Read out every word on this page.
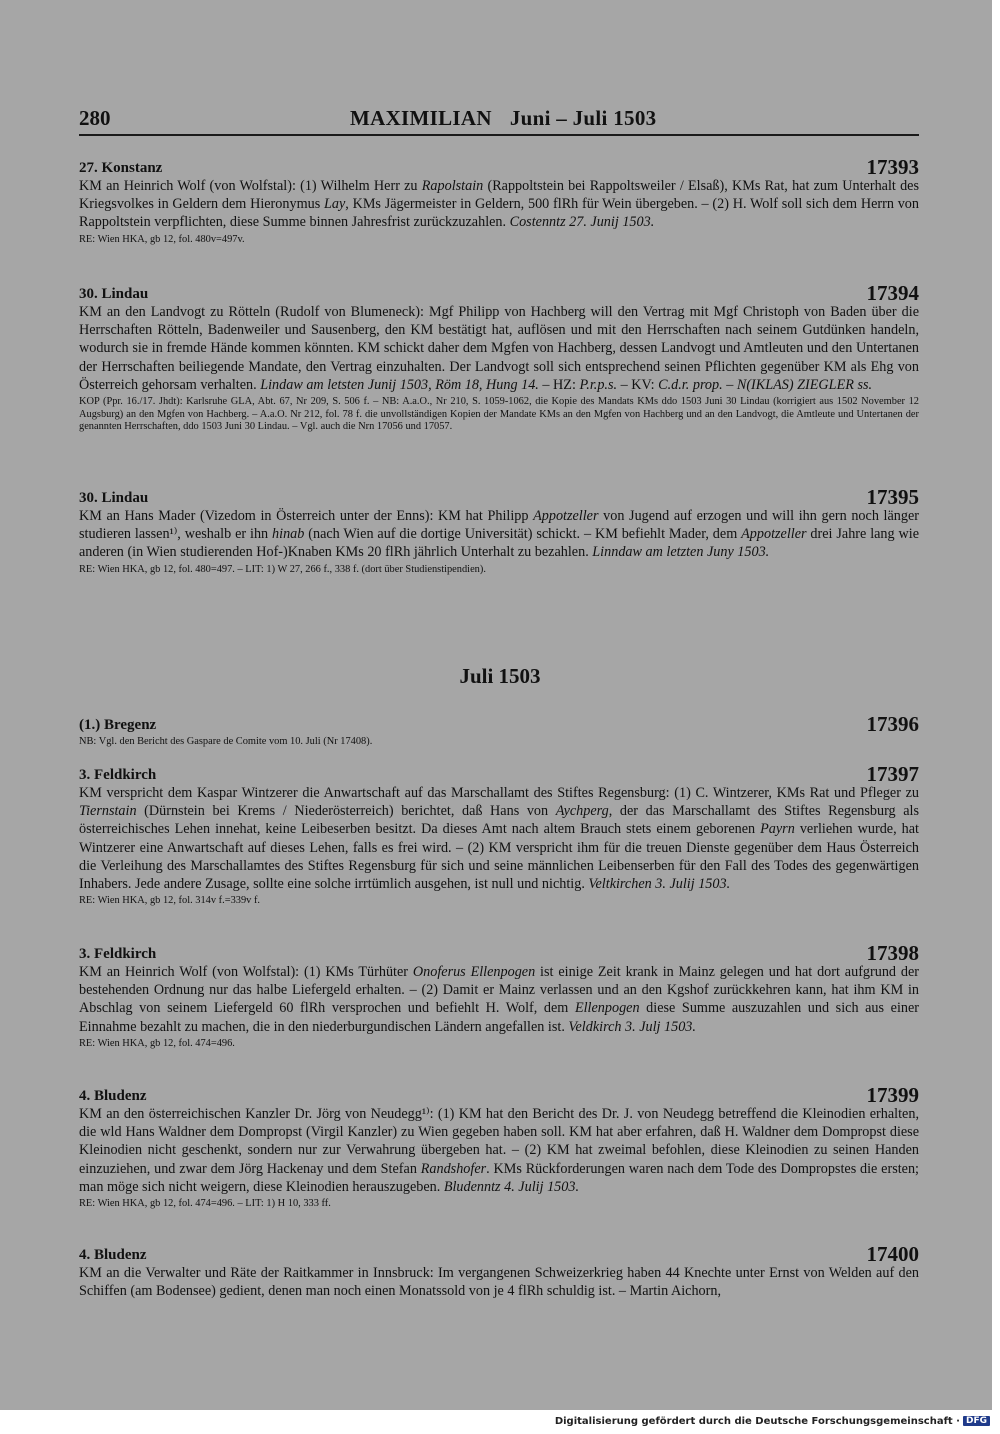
280	MAXIMILIAN Juni – Juli 1503
27. Konstanz	17393

KM an Heinrich Wolf (von Wolfstal): (1) Wilhelm Herr zu Rapolstain (Rappoltstein bei Rappoltsweiler / Elsaß), KMs Rat, hat zum Unterhalt des Kriegsvolkes in Geldern dem Hieronymus Lay, KMs Jägermeister in Geldern, 500 flRh für Wein übergeben. – (2) H. Wolf soll sich dem Herrn von Rappoltstein verpflichten, diese Summe binnen Jahresfrist zurückzuzahlen. Costenntz 27. Junij 1503.

RE: Wien HKA, gb 12, fol. 480v=497v.

30. Lindau	17394

KM an den Landvogt zu Rötteln (Rudolf von Blumeneck): Mgf Philipp von Hachberg will den Vertrag mit Mgf Christoph von Baden über die Herrschaften Rötteln, Badenweiler und Sausenberg, den KM bestätigt hat, auflösen und mit den Herrschaften nach seinem Gutdünken handeln, wodurch sie in fremde Hände kommen könnten. KM schickt daher dem Mgfen von Hachberg, dessen Landvogt und Amtleuten und den Untertanen der Herrschaften beiliegende Mandate, den Vertrag einzuhalten. Der Landvogt soll sich entsprechend seinen Pflichten gegenüber KM als Ehg von Österreich gehorsam verhalten. Lindaw am letsten Junij 1503, Röm 18, Hung 14. – HZ: P.r.p.s. – KV: C.d.r. prop. – N(IKLAS) ZIEGLER ss.

KOP (Ppr. 16./17. Jhdt): Karlsruhe GLA, Abt. 67, Nr 209, S. 506 f. – NB: A.a.O., Nr 210, S. 1059-1062, die Kopie des Mandats KMs ddo 1503 Juni 30 Lindau (korrigiert aus 1502 November 12 Augsburg) an den Mgfen von Hachberg. – A.a.O. Nr 212, fol. 78 f. die unvollständigen Kopien der Mandate KMs an den Mgfen von Hachberg und an den Landvogt, die Amtleute und Untertanen der genannten Herrschaften, ddo 1503 Juni 30 Lindau. – Vgl. auch die Nrn 17056 und 17057.

30. Lindau	17395

KM an Hans Mader (Vizedom in Österreich unter der Enns): KM hat Philipp Appotzeller von Jugend auf erzogen und will ihn gern noch länger studieren lassen¹⁾, weshalb er ihn hinab (nach Wien auf die dortige Universität) schickt. – KM befiehlt Mader, dem Appotzeller drei Jahre lang wie anderen (in Wien studierenden Hof-)Knaben KMs 20 flRh jährlich Unterhalt zu bezahlen. Linndaw am letzten Juny 1503.

RE: Wien HKA, gb 12, fol. 480=497. – LIT: 1) W 27, 266 f., 338 f. (dort über Studienstipendien).

Juli 1503
(1.) Bregenz	17396

NB: Vgl. den Bericht des Gaspare de Comite vom 10. Juli (Nr 17408).

3. Feldkirch	17397

KM verspricht dem Kaspar Wintzerer die Anwartschaft auf das Marschallamt des Stiftes Regensburg: (1) C. Wintzerer, KMs Rat und Pfleger zu Tiernstain (Dürnstein bei Krems / Niederösterreich) berichtet, daß Hans von Aychperg, der das Marschallamt des Stiftes Regensburg als österreichisches Lehen innehat, keine Leibeserben besitzt. Da dieses Amt nach altem Brauch stets einem geborenen Payrn verliehen wurde, hat Wintzerer eine Anwartschaft auf dieses Lehen, falls es frei wird. – (2) KM verspricht ihm für die treuen Dienste gegenüber dem Haus Österreich die Verleihung des Marschallamtes des Stiftes Regensburg für sich und seine männlichen Leibenserben für den Fall des Todes des gegenwärtigen Inhabers. Jede andere Zusage, sollte eine solche irrtümlich ausgehen, ist null und nichtig. Veltkirchen 3. Julij 1503.

RE: Wien HKA, gb 12, fol. 314v f.=339v f.

3. Feldkirch	17398

KM an Heinrich Wolf (von Wolfstal): (1) KMs Türhüter Onoferus Ellenpogen ist einige Zeit krank in Mainz gelegen und hat dort aufgrund der bestehenden Ordnung nur das halbe Liefergeld erhalten. – (2) Damit er Mainz verlassen und an den Kgshof zurückkehren kann, hat ihm KM in Abschlag von seinem Liefergeld 60 flRh versprochen und befiehlt H. Wolf, dem Ellenpogen diese Summe auszuzahlen und sich aus einer Einnahme bezahlt zu machen, die in den niederburgundischen Ländern angefallen ist. Veldkirch 3. Julj 1503.

RE: Wien HKA, gb 12, fol. 474=496.

4. Bludenz	17399

KM an den österreichischen Kanzler Dr. Jörg von Neudegg¹⁾: (1) KM hat den Bericht des Dr. J. von Neudegg betreffend die Kleinodien erhalten, die wld Hans Waldner dem Dompropst (Virgil Kanzler) zu Wien gegeben haben soll. KM hat aber erfahren, daß H. Waldner dem Dompropst diese Kleinodien nicht geschenkt, sondern nur zur Verwahrung übergeben hat. – (2) KM hat zweimal befohlen, diese Kleinodien zu seinen Handen einzuziehen, und zwar dem Jörg Hackenay und dem Stefan Randshofer. KMs Rückforderungen waren nach dem Tode des Dompropstes die ersten; man möge sich nicht weigern, diese Kleinodien herauszugeben. Bludenntz 4. Julij 1503.

RE: Wien HKA, gb 12, fol. 474=496. – LIT: 1) H 10, 333 ff.

4. Bludenz	17400

KM an die Verwalter und Räte der Raitkammer in Innsbruck: Im vergangenen Schweizerkrieg haben 44 Knechte unter Ernst von Welden auf den Schiffen (am Bodensee) gedient, denen man noch einen Monatssold von je 4 flRh schuldig ist. – Martin Aichorn,

Digitalisierung gefördert durch die Deutsche Forschungsgemeinschaft · DFG
